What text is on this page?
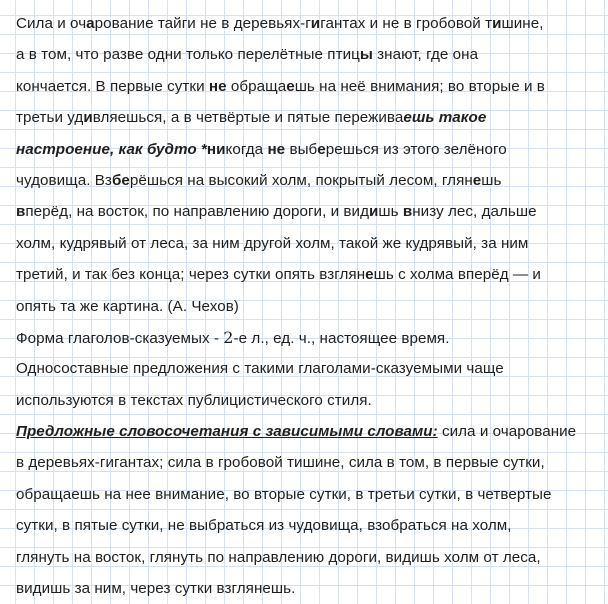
Сила и очарование тайги не в деревьях-гигантах и не в гробовой тишине,
а в том, что разве одни только перелётные птицы знают, где она
кончается. В первые сутки не обращаешь на неё внимания; во вторые и в
третьи удивляешься, а в четвёртые и пятые переживаешь такое
настроение, как будто *никогда не выберешься из этого зелёного
чудовища. Взберёшься на высокий холм, покрытый лесом, глянешь
вперёд, на восток, по направлению дороги, и видишь внизу лес, дальше
холм, кудрявый от леса, за ним другой холм, такой же кудрявый, за ним
третий, и так без конца; через сутки опять взглянешь с холма вперёд — и
опять та же картина. (А. Чехов)
Форма глаголов-сказуемых - 2-е л., ед. ч., настоящее время.
Односоставные предложения с такими глаголами-сказуемыми чаще
используются в текстах публицистического стиля.
Предложные словосочетания с зависимыми словами: сила и очарование
в деревьях-гигантах; сила в гробовой тишине, сила в том, в первые сутки,
обращаешь на нее внимание, во вторые сутки, в третьи сутки, в четвертые
сутки, в пятые сутки, не выбраться из чудовища, взобраться на холм,
глянуть на восток, глянуть по направлению дороги, видишь холм от леса,
видишь за ним, через сутки взглянешь.
